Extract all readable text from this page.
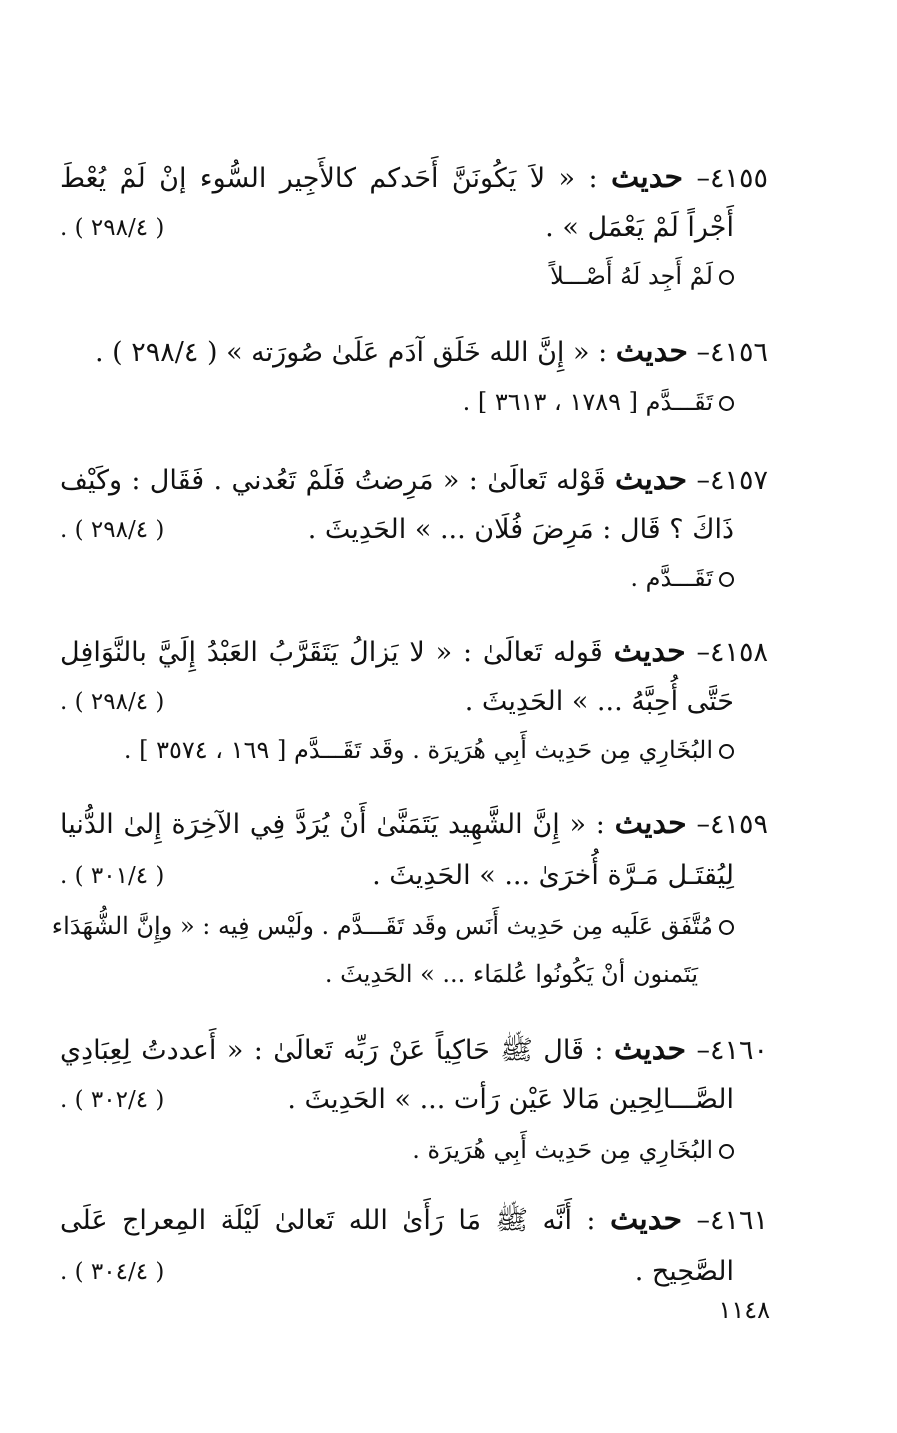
٤١٥٥– حديث : « لاَ يَكُونَنَّ أَحَدكم كالأَجِير السُّوء إنْ لَمْ يُعْطَ
أَجْراً لَمْ يَعْمَل » .
( ٢٩٨/٤ ) .
لَمْ أَجِد لَهُ أَصْـــلاً
٤١٥٦– حديث : « إِنَّ الله خَلَق آدَم عَلَىٰ صُورَته » ( ٢٩٨/٤ ) .
تَقَـــدَّم [ ١٧٨٩ ، ٣٦١٣ ] .
٤١٥٧– حديث قَوْله تَعالَىٰ : « مَرِضتُ فَلَمْ تَعُدني . فَقَال : وكَيْف
ذَاكَ ؟ قَال : مَرِضَ فُلَان ... » الحَدِيثَ .
( ٢٩٨/٤ ) .
تَقَـــدَّم .
٤١٥٨– حديث قَوله تَعالَىٰ : « لا يَزالُ يَتَقَرَّبُ العَبْدُ إِلَيَّ بالنَّوَافِل
حَتَّى أُحِبَّهُ ... » الحَدِيثَ .
( ٢٩٨/٤ ) .
البُخَارِي مِن حَدِيث أَبِي هُرَيرَة . وقَد تَقَـــدَّم [ ١٦٩ ، ٣٥٧٤ ] .
٤١٥٩– حديث : « إِنَّ الشَّهِيد يَتَمَنَّىٰ أَنْ يُرَدَّ فِي الآخِرَة إِلىٰ الدُّنيا
لِيُقتَـل مَـرَّة أُخرَىٰ ... » الحَدِيثَ .
( ٣٠١/٤ ) .
مُتَّفَق عَلَيه مِن حَدِيث أَنَس وقَد تَقَـــدَّم . ولَيْس فِيه : « وإِنَّ الشُّهَدَاء
يَتَمنون أنْ يَكُونُوا عُلمَاء ... » الحَدِيثَ .
٤١٦٠– حديث : قَال ﷺ حَاكِياً عَنْ رَبِّه تَعالَىٰ : « أَعددتُ لِعِبَادِي
الصَّـــالِحِين مَالا عَيْن رَأت ... » الحَدِيثَ .
( ٣٠٢/٤ ) .
البُخَارِي مِن حَدِيث أَبِي هُرَيرَة .
٤١٦١– حديث : أَنَّه ﷺ مَا رَأَىٰ الله تَعالىٰ لَيْلَة المِعراج عَلَى
الصَّحِيح .
( ٣٠٤/٤ ) .
١١٤٨
